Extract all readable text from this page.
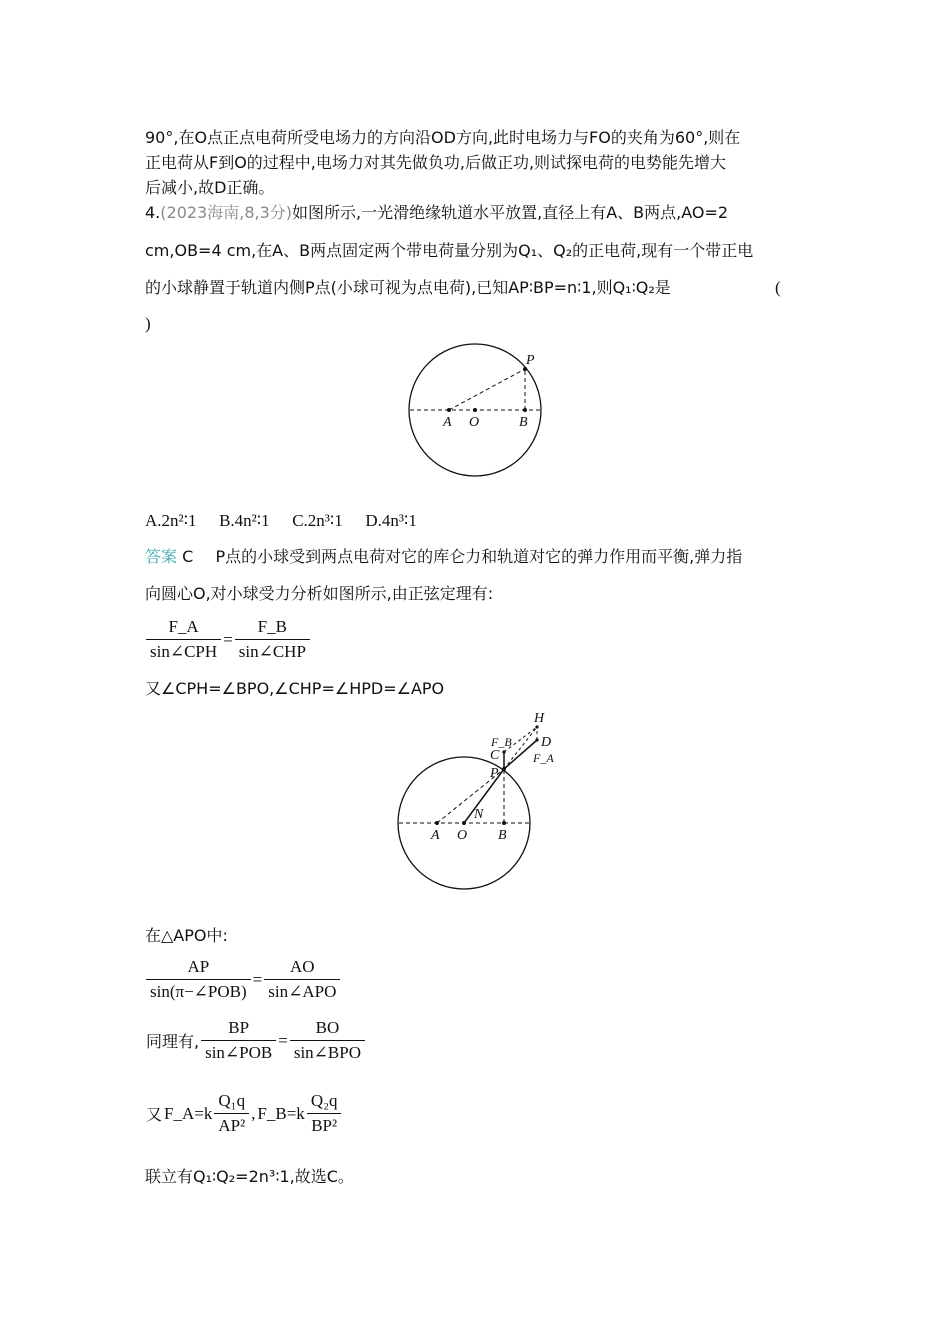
90°,在O点正点电荷所受电场力的方向沿OD方向,此时电场力与FO的夹角为60°,则在
正电荷从F到O的过程中,电场力对其先做负功,后做正功,则试探电荷的电势能先增大
后减小,故D正确。
4.(2023海南,8,3分)如图所示,一光滑绝缘轨道水平放置,直径上有A、B两点,AO=2
cm,OB=4 cm,在A、B两点固定两个带电荷量分别为Q₁、Q₂的正电荷,现有一个带正电
的小球静置于轨道内侧P点(小球可视为点电荷),已知AP∶BP=n∶1,则Q₁∶Q₂是	(
)
P
A O	B
A.2n²∶1 B.4n²∶1 C.2n³∶1 D.4n³∶1
答案 C P点的小球受到两点电荷对它的库仑力和轨道对它的弹力作用而平衡,弹力指
向圆心O,对小球受力分析如图所示,由正弦定理有:
$\frac{F\_A}{\text{sin∠CPH}} = \frac{F\_B}{\text{sin∠CHP}}$
又∠CPH=∠BPO,∠CHP=∠HPD=∠APO
H
F_B D
C	F_A
P
N
A O B
在△APO中:
$\frac{AP}{\text{sin(π−∠POB)}} = \frac{AO}{\text{sin∠APO}}$
同理有, $\frac{BP}{\text{sin∠POB}} = \frac{BO}{\text{sin∠BPO}}$
又 F_A=k $\frac{\text{Q₁q}}{\text{AP²}}$ , F_B=k $\frac{\text{Q₂q}}{\text{BP²}}$
联立有Q₁∶Q₂=2n³∶1,故选C。
